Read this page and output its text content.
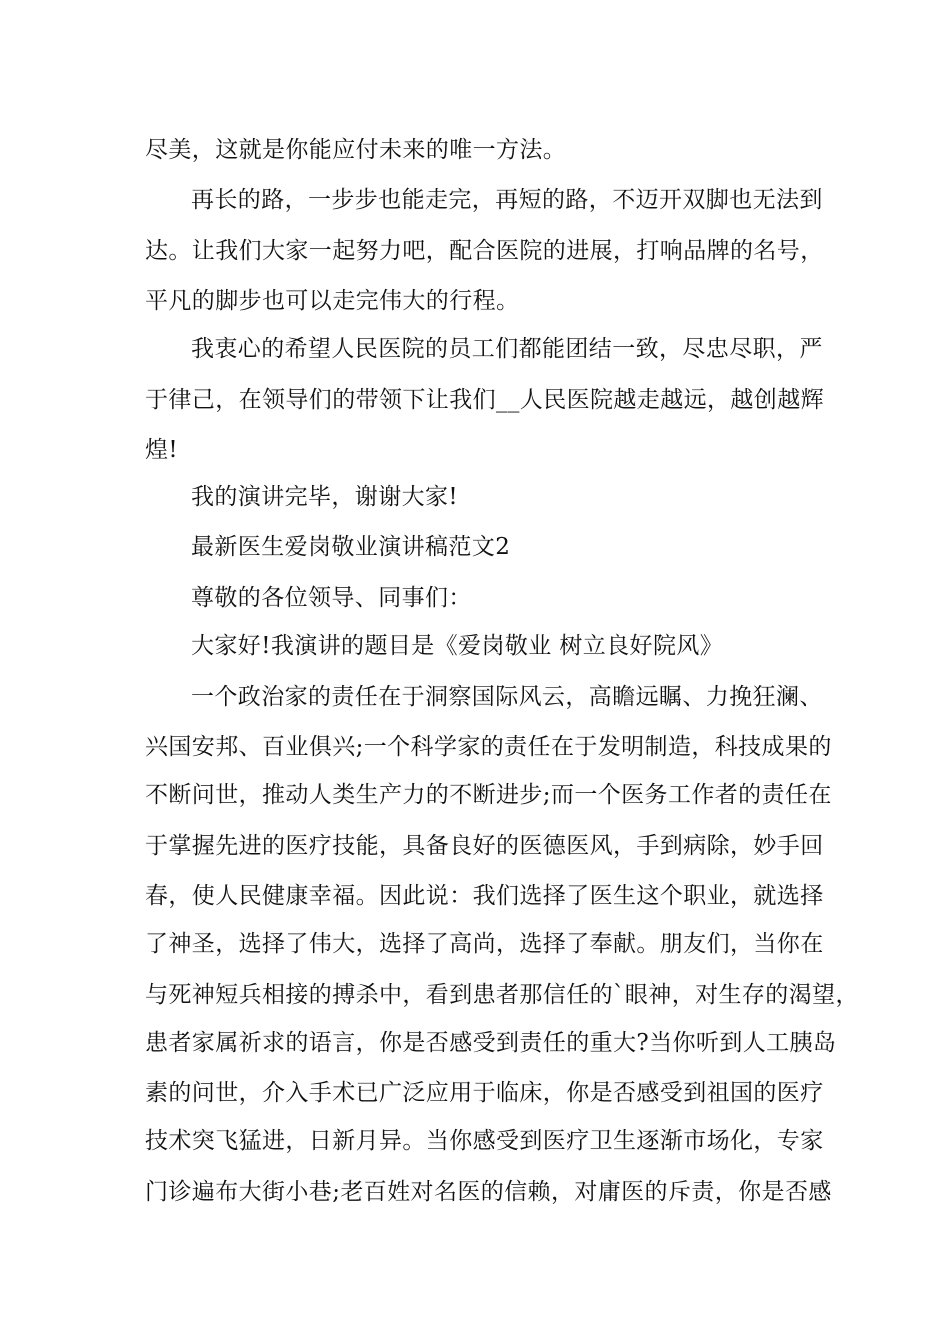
尽美，这就是你能应付未来的唯一方法。
再长的路，一步步也能走完，再短的路，不迈开双脚也无法到
达。让我们大家一起努力吧，配合医院的进展，打响品牌的名号，
平凡的脚步也可以走完伟大的行程。
我衷心的希望人民医院的员工们都能团结一致，尽忠尽职，严
于律己，在领导们的带领下让我们__人民医院越走越远，越创越辉
煌!
我的演讲完毕，谢谢大家!
最新医生爱岗敬业演讲稿范文2
尊敬的各位领导、同事们：
大家好!我演讲的题目是《爱岗敬业 树立良好院风》
一个政治家的责任在于洞察国际风云，高瞻远瞩、力挽狂澜、
兴国安邦、百业俱兴;一个科学家的责任在于发明制造，科技成果的
不断问世，推动人类生产力的不断进步;而一个医务工作者的责任在
于掌握先进的医疗技能，具备良好的医德医风，手到病除，妙手回
春，使人民健康幸福。因此说：我们选择了医生这个职业，就选择
了神圣，选择了伟大，选择了高尚，选择了奉献。朋友们，当你在
与死神短兵相接的搏杀中，看到患者那信任的`眼神，对生存的渴望，
患者家属祈求的语言，你是否感受到责任的重大?当你听到人工胰岛
素的问世，介入手术已广泛应用于临床，你是否感受到祖国的医疗
技术突飞猛进，日新月异。当你感受到医疗卫生逐渐市场化，专家
门诊遍布大街小巷;老百姓对名医的信赖，对庸医的斥责，你是否感
